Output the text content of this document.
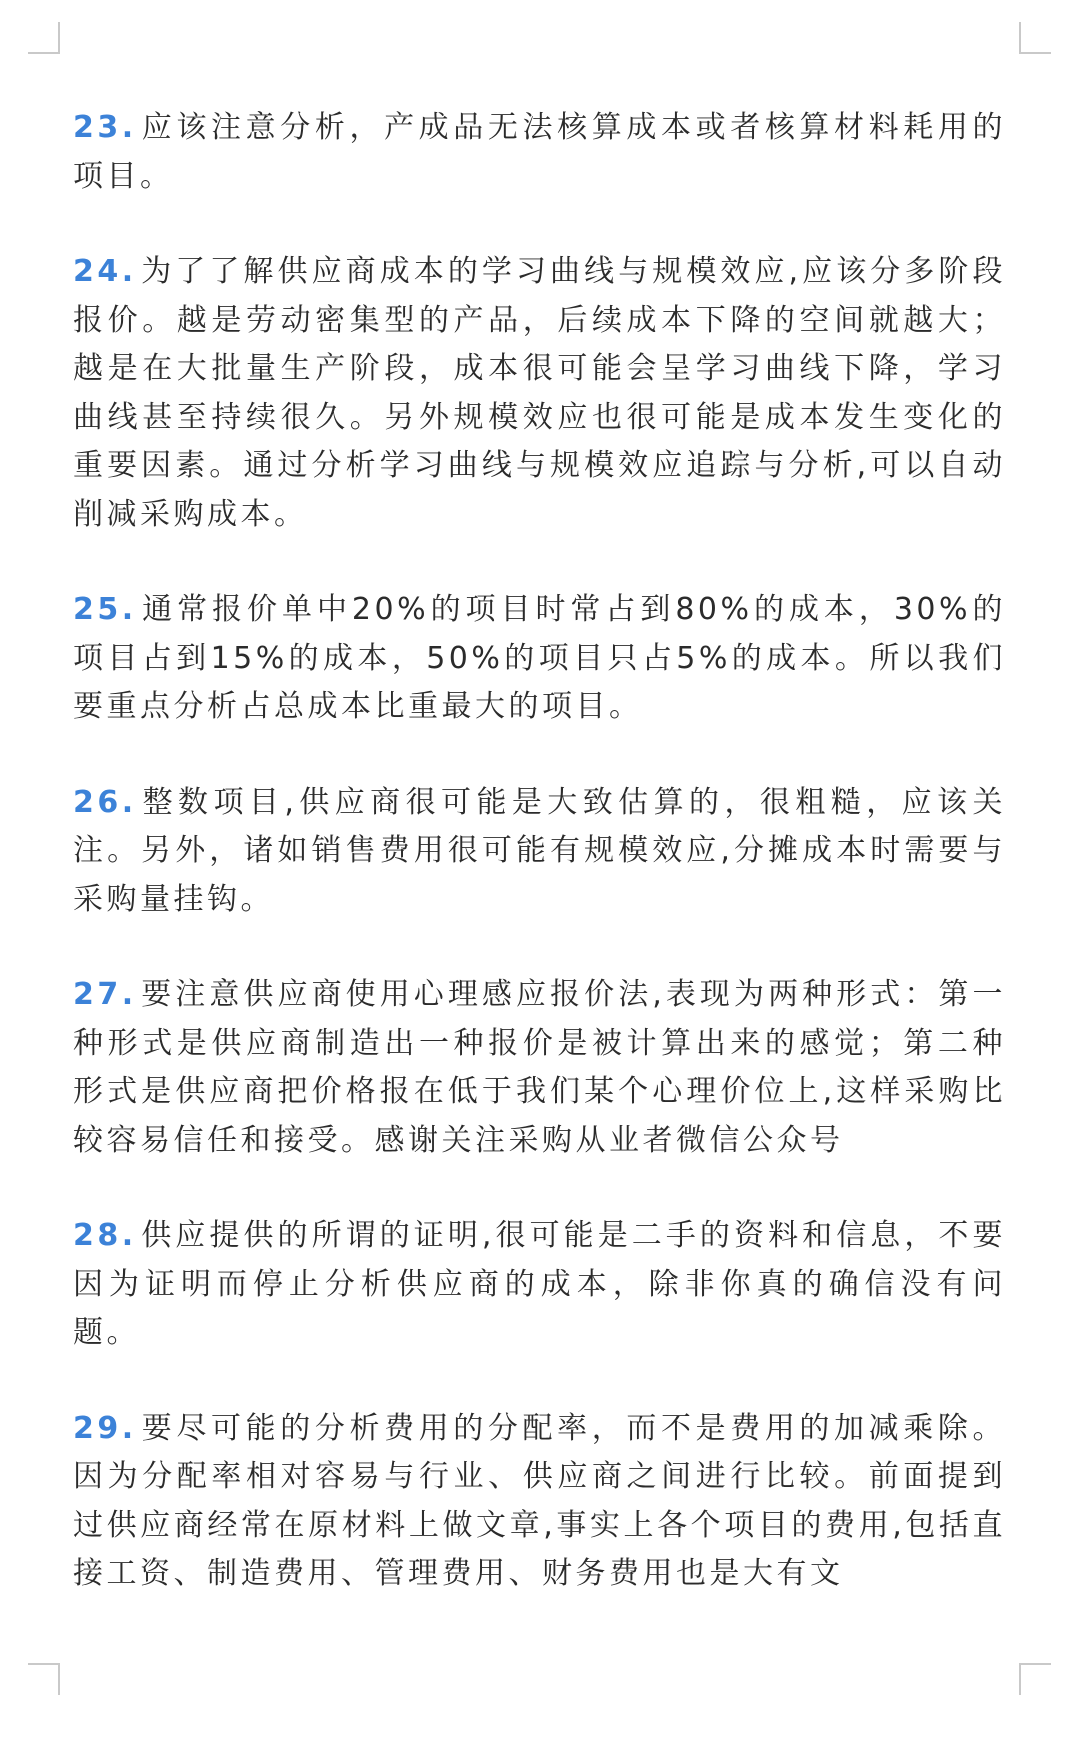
23. 应该注意分析，产成品无法核算成本或者核算材料耗用的项目。

24. 为了了解供应商成本的学习曲线与规模效应,应该分多阶段报价。越是劳动密集型的产品，后续成本下降的空间就越大；越是在大批量生产阶段，成本很可能会呈学习曲线下降，学习曲线甚至持续很久。另外规模效应也很可能是成本发生变化的重要因素。通过分析学习曲线与规模效应追踪与分析,可以自动削减采购成本。

25. 通常报价单中20%的项目时常占到80%的成本，30%的项目占到15%的成本，50%的项目只占5%的成本。所以我们要重点分析占总成本比重最大的项目。

26. 整数项目,供应商很可能是大致估算的，很粗糙，应该关注。另外，诸如销售费用很可能有规模效应,分摊成本时需要与采购量挂钩。

27. 要注意供应商使用心理感应报价法,表现为两种形式：第一种形式是供应商制造出一种报价是被计算出来的感觉；第二种形式是供应商把价格报在低于我们某个心理价位上,这样采购比较容易信任和接受。感谢关注采购从业者微信公众号

28. 供应提供的所谓的证明,很可能是二手的资料和信息，不要因为证明而停止分析供应商的成本，除非你真的确信没有问题。

29. 要尽可能的分析费用的分配率，而不是费用的加减乘除。因为分配率相对容易与行业、供应商之间进行比较。前面提到过供应商经常在原材料上做文章,事实上各个项目的费用,包括直接工资、制造费用、管理费用、财务费用也是大有文
